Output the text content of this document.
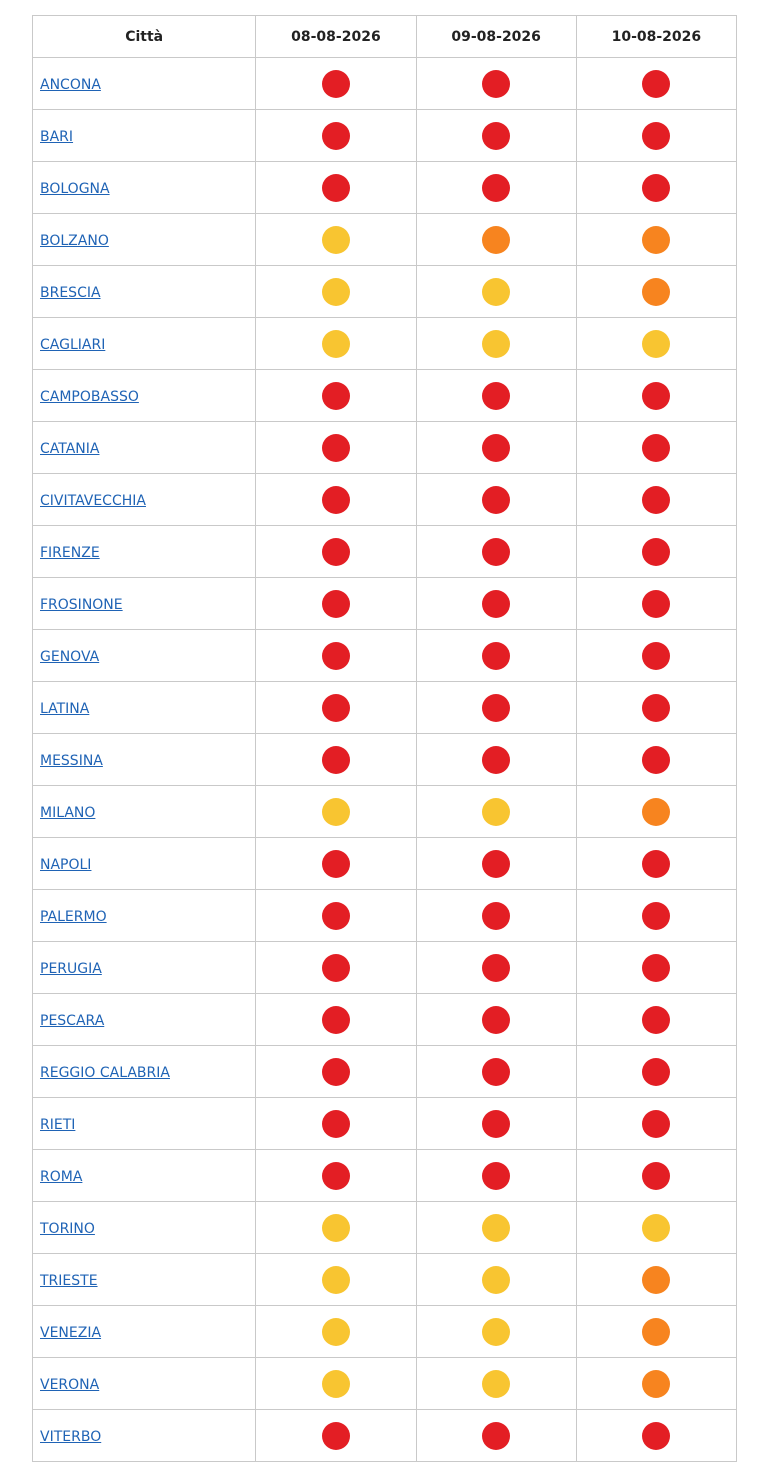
Città	08-08-2026	09-08-2026	10-08-2026
ANCONA			
BARI			
BOLOGNA			
BOLZANO			
BRESCIA			
CAGLIARI			
CAMPOBASSO			
CATANIA			
CIVITAVECCHIA			
FIRENZE			
FROSINONE			
GENOVA			
LATINA			
MESSINA			
MILANO			
NAPOLI			
PALERMO			
PERUGIA			
PESCARA			
REGGIO CALABRIA			
RIETI			
ROMA			
TORINO			
TRIESTE			
VENEZIA			
VERONA			
VITERBO			
